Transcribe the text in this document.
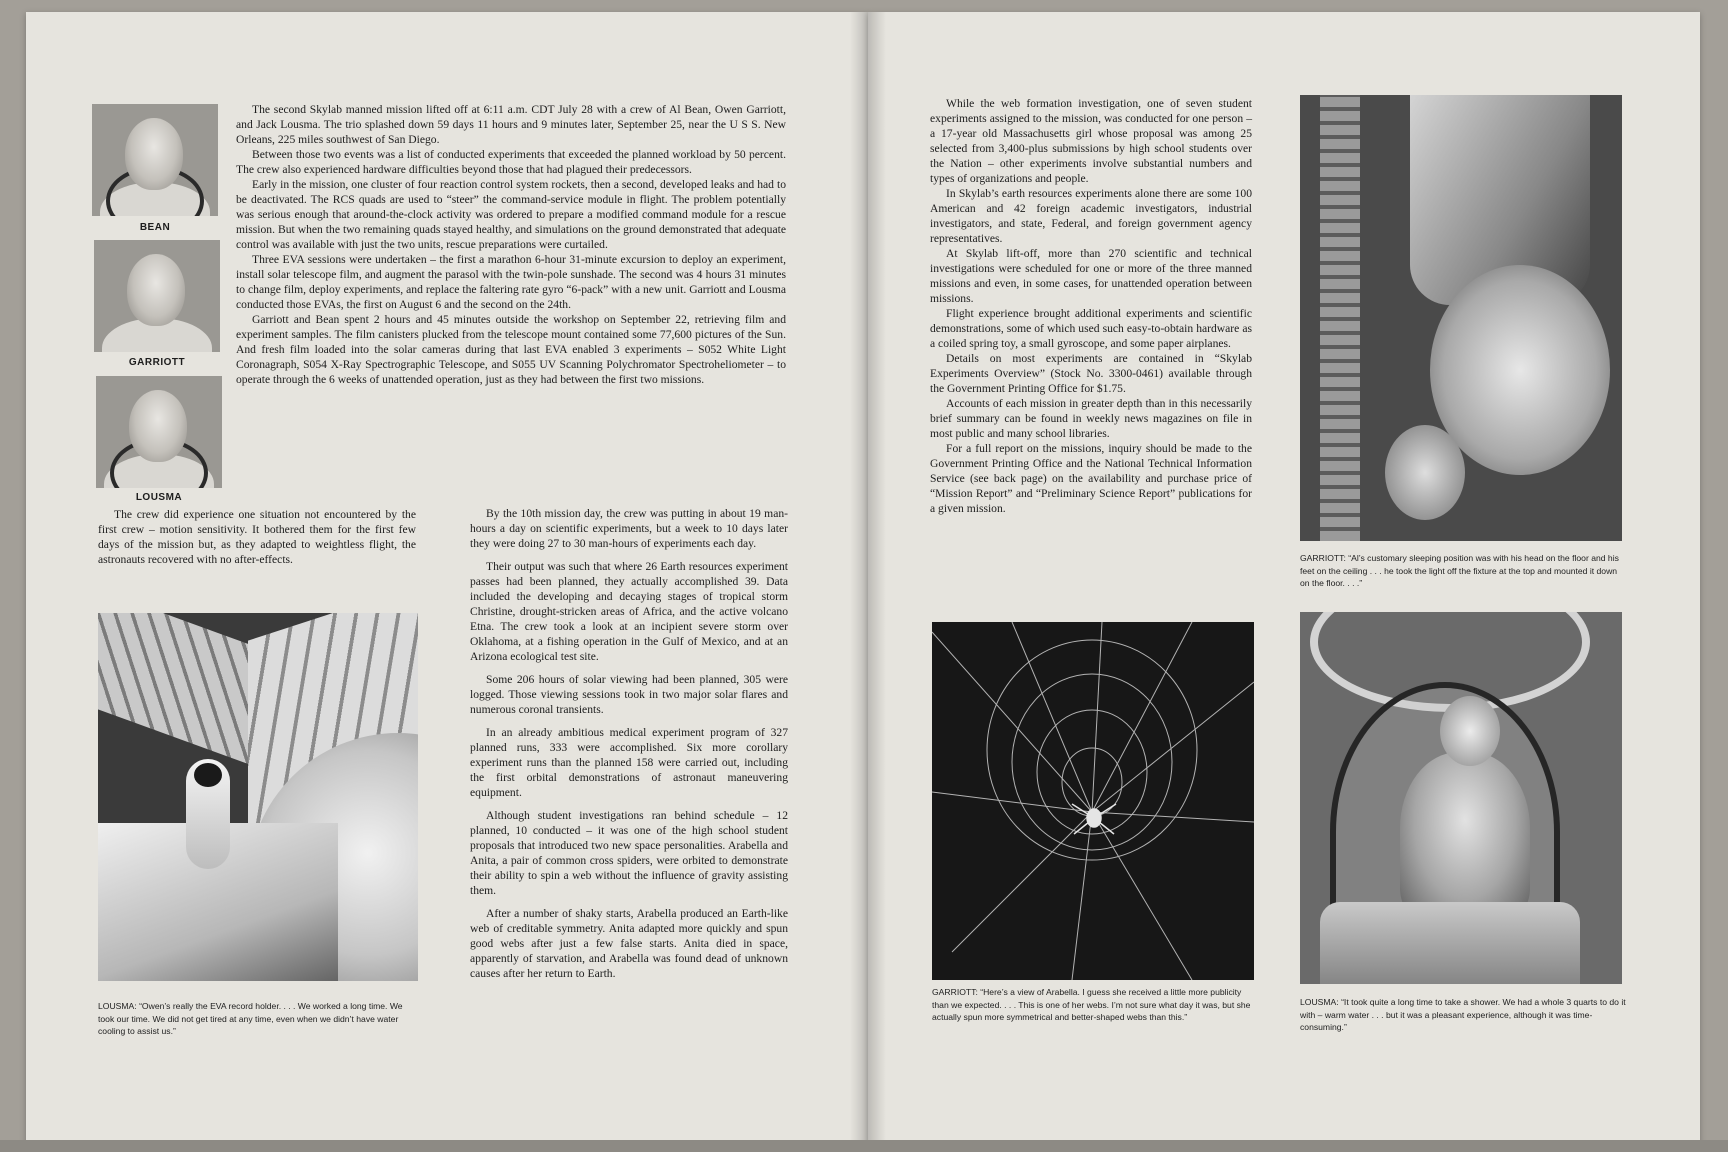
BEAN
GARRIOTT
LOUSMA

The second Skylab manned mission lifted off at 6:11 a.m. CDT July 28 with a crew of Al Bean, Owen Garriott, and Jack Lousma. The trio splashed down 59 days 11 hours and 9 minutes later, September 25, near the U S S. New Orleans, 225 miles southwest of San Diego.

Between those two events was a list of conducted experiments that exceeded the planned workload by 50 percent. The crew also experienced hardware difficulties beyond those that had plagued their predecessors.

Early in the mission, one cluster of four reaction control system rockets, then a second, developed leaks and had to be deactivated. The RCS quads are used to “steer” the command-service module in flight. The problem potentially was serious enough that around-the-clock activity was ordered to prepare a modified command module for a rescue mission. But when the two remaining quads stayed healthy, and simulations on the ground demonstrated that adequate control was available with just the two units, rescue preparations were curtailed.

Three EVA sessions were undertaken – the first a marathon 6-hour 31-minute excursion to deploy an experiment, install solar telescope film, and augment the parasol with the twin-pole sunshade. The second was 4 hours 31 minutes to change film, deploy experiments, and replace the faltering rate gyro “6-pack” with a new unit. Garriott and Lousma conducted those EVAs, the first on August 6 and the second on the 24th.

Garriott and Bean spent 2 hours and 45 minutes outside the workshop on September 22, retrieving film and experiment samples. The film canisters plucked from the telescope mount contained some 77,600 pictures of the Sun. And fresh film loaded into the solar cameras during that last EVA enabled 3 experiments – S052 White Light Coronagraph, S054 X-Ray Spectrographic Telescope, and S055 UV Scanning Polychromator Spectroheliometer – to operate through the 6 weeks of unattended operation, just as they had between the first two missions.

The crew did experience one situation not encountered by the first crew – motion sensitivity. It bothered them for the first few days of the mission but, as they adapted to weightless flight, the astronauts recovered with no after-effects.

LOUSMA: “Owen’s really the EVA record holder. . . . We worked a long time. We took our time. We did not get tired at any time, even when we didn’t have water cooling to assist us.”

By the 10th mission day, the crew was putting in about 19 man-hours a day on scientific experiments, but a week to 10 days later they were doing 27 to 30 man-hours of experiments each day.

Their output was such that where 26 Earth resources experiment passes had been planned, they actually accomplished 39. Data included the developing and decaying stages of tropical storm Christine, drought-stricken areas of Africa, and the active volcano Etna. The crew took a look at an incipient severe storm over Oklahoma, at a fishing operation in the Gulf of Mexico, and at an Arizona ecological test site.

Some 206 hours of solar viewing had been planned, 305 were logged. Those viewing sessions took in two major solar flares and numerous coronal transients.

In an already ambitious medical experiment program of 327 planned runs, 333 were accomplished. Six more corollary experiment runs than the planned 158 were carried out, including the first orbital demonstrations of astronaut maneuvering equipment.

Although student investigations ran behind schedule – 12 planned, 10 conducted – it was one of the high school student proposals that introduced two new space personalities. Arabella and Anita, a pair of common cross spiders, were orbited to demonstrate their ability to spin a web without the influence of gravity assisting them.

After a number of shaky starts, Arabella produced an Earth-like web of creditable symmetry. Anita adapted more quickly and spun good webs after just a few false starts. Anita died in space, apparently of starvation, and Arabella was found dead of unknown causes after her return to Earth.

While the web formation investigation, one of seven student experiments assigned to the mission, was conducted for one person – a 17-year old Massachusetts girl whose proposal was among 25 selected from 3,400-plus submissions by high school students over the Nation – other experiments involve substantial numbers and types of organizations and people.

In Skylab’s earth resources experiments alone there are some 100 American and 42 foreign academic investigators, industrial investigators, and state, Federal, and foreign government agency representatives.

At Skylab lift-off, more than 270 scientific and technical investigations were scheduled for one or more of the three manned missions and even, in some cases, for unattended operation between missions.

Flight experience brought additional experiments and scientific demonstrations, some of which used such easy-to-obtain hardware as a coiled spring toy, a small gyroscope, and some paper airplanes.

Details on most experiments are contained in “Skylab Experiments Overview” (Stock No. 3300-0461) available through the Government Printing Office for $1.75.

Accounts of each mission in greater depth than in this necessarily brief summary can be found in weekly news magazines on file in most public and many school libraries.

For a full report on the missions, inquiry should be made to the Government Printing Office and the National Technical Information Service (see back page) on the availability and purchase price of “Mission Report” and “Preliminary Science Report” publications for a given mission.

GARRIOTT: “Here’s a view of Arabella. I guess she received a little more publicity than we expected. . . . This is one of her webs. I’m not sure what day it was, but she actually spun more symmetrical and better-shaped webs than this.”

GARRIOTT: “Al’s customary sleeping position was with his head on the floor and his feet on the ceiling . . . he took the light off the fixture at the top and mounted it down on the floor. . . .”

LOUSMA: “It took quite a long time to take a shower. We had a whole 3 quarts to do it with – warm water . . . but it was a pleasant experience, although it was time-consuming.”
